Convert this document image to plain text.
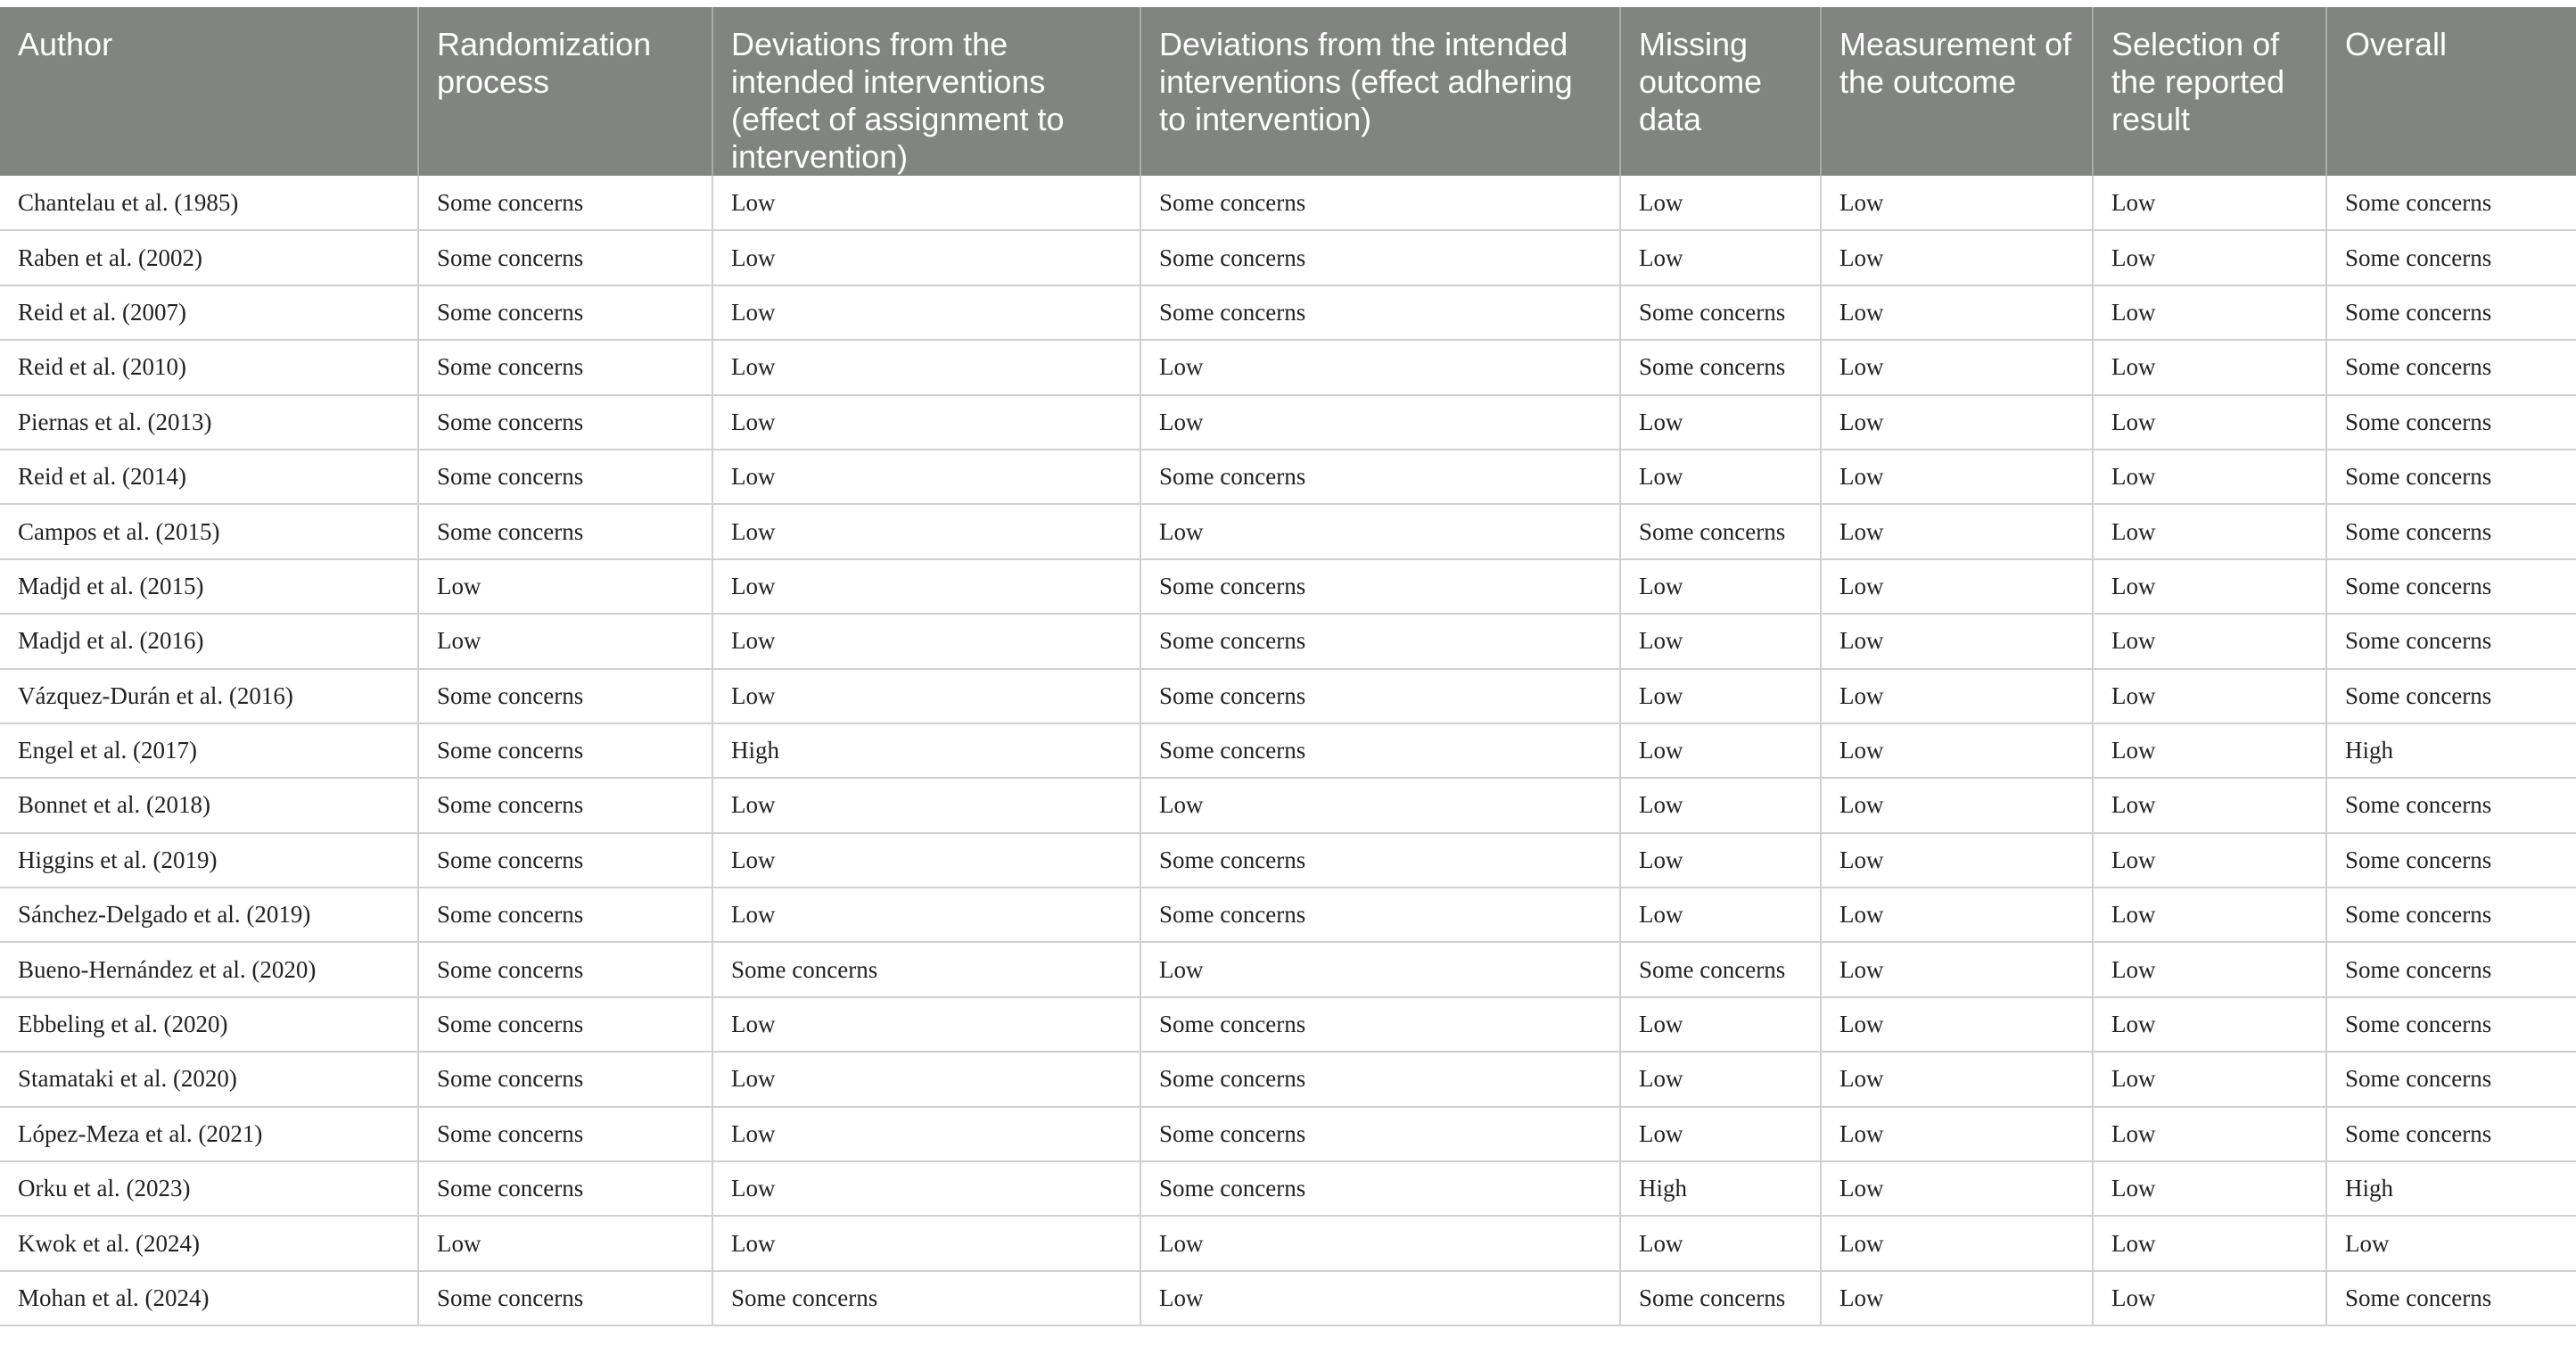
Author	Randomization process	Deviations from the intended interventions (effect of assignment to intervention)	Deviations from the intended interventions (effect adhering to intervention)	Missing outcome data	Measurement of the outcome	Selection of the reported result	Overall
Chantelau et al. (1985)	Some concerns	Low	Some concerns	Low	Low	Low	Some concerns
Raben et al. (2002)	Some concerns	Low	Some concerns	Low	Low	Low	Some concerns
Reid et al. (2007)	Some concerns	Low	Some concerns	Some concerns	Low	Low	Some concerns
Reid et al. (2010)	Some concerns	Low	Low	Some concerns	Low	Low	Some concerns
Piernas et al. (2013)	Some concerns	Low	Low	Low	Low	Low	Some concerns
Reid et al. (2014)	Some concerns	Low	Some concerns	Low	Low	Low	Some concerns
Campos et al. (2015)	Some concerns	Low	Low	Some concerns	Low	Low	Some concerns
Madjd et al. (2015)	Low	Low	Some concerns	Low	Low	Low	Some concerns
Madjd et al. (2016)	Low	Low	Some concerns	Low	Low	Low	Some concerns
Vázquez-Durán et al. (2016)	Some concerns	Low	Some concerns	Low	Low	Low	Some concerns
Engel et al. (2017)	Some concerns	High	Some concerns	Low	Low	Low	High
Bonnet et al. (2018)	Some concerns	Low	Low	Low	Low	Low	Some concerns
Higgins et al. (2019)	Some concerns	Low	Some concerns	Low	Low	Low	Some concerns
Sánchez-Delgado et al. (2019)	Some concerns	Low	Some concerns	Low	Low	Low	Some concerns
Bueno-Hernández et al. (2020)	Some concerns	Some concerns	Low	Some concerns	Low	Low	Some concerns
Ebbeling et al. (2020)	Some concerns	Low	Some concerns	Low	Low	Low	Some concerns
Stamataki et al. (2020)	Some concerns	Low	Some concerns	Low	Low	Low	Some concerns
López-Meza et al. (2021)	Some concerns	Low	Some concerns	Low	Low	Low	Some concerns
Orku et al. (2023)	Some concerns	Low	Some concerns	High	Low	Low	High
Kwok et al. (2024)	Low	Low	Low	Low	Low	Low	Low
Mohan et al. (2024)	Some concerns	Some concerns	Low	Some concerns	Low	Low	Some concerns
